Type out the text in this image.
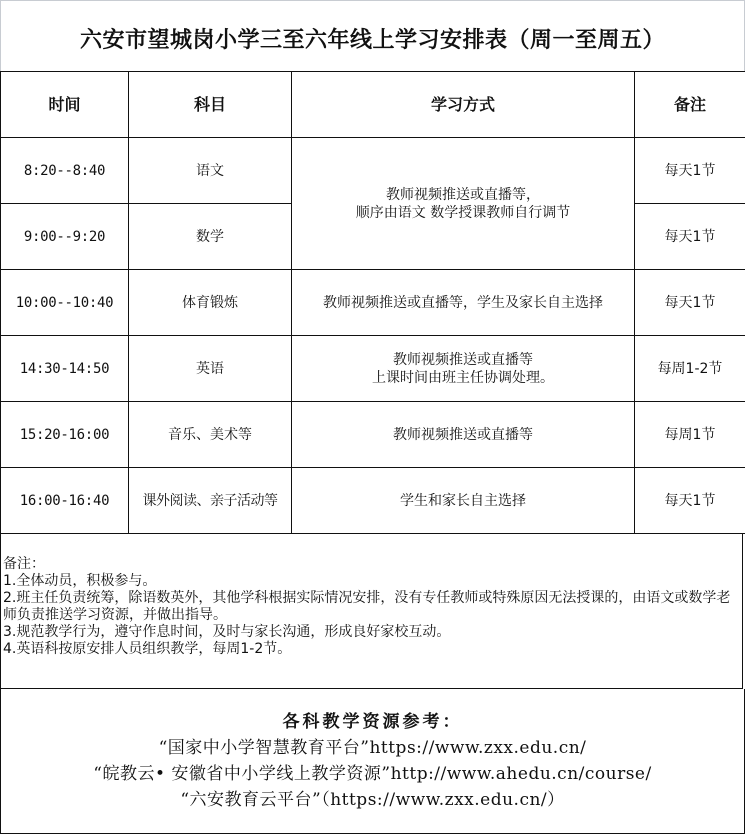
六安市望城岗小学三至六年线上学习安排表（周一至周五）
时间	科目	学习方式	备注
8:20--8:40	语文	教师视频推送或直播等，
顺序由语文 数学授课教师自行调节	每天1节
9:00--9:20	数学		每天1节
10:00--10:40	体育锻炼	教师视频推送或直播等，学生及家长自主选择	每天1节
14:30-14:50	英语	教师视频推送或直播等
上课时间由班主任协调处理。	每周1-2节
15:20-16:00	音乐、美术等	教师视频推送或直播等	每周1节
16:00-16:40	课外阅读、亲子活动等	学生和家长自主选择	每天1节
备注：
1.全体动员，积极参与。
2.班主任负责统筹，除语数英外，其他学科根据实际情况安排，没有专任教师或特殊原因无法授课的，由语文或数学老师负责推送学习资源，并做出指导。
3.规范教学行为，遵守作息时间，及时与家长沟通，形成良好家校互动。
4.英语科按原安排人员组织教学，每周1-2节。
各科教学资源参考：
“国家中小学智慧教育平台”https://www.zxx.edu.cn/
“皖教云• 安徽省中小学线上教学资源”http://www.ahedu.cn/course/
“六安教育云平台”（https://www.zxx.edu.cn/）
